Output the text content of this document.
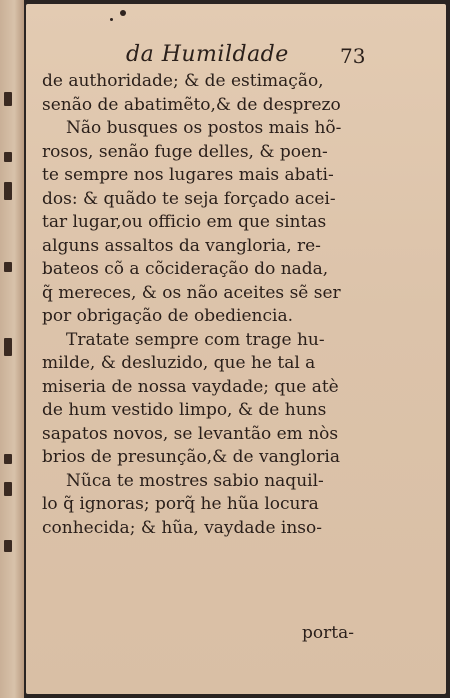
da Humildade	73
de authoridade; & de estimação,
senão de abatimẽto,& de desprezo
Não busques os postos mais hõ-
rosos, senão fuge delles, & poen-
te sempre nos lugares mais abati-
dos: & quãdo te seja forçado acei-
tar lugar,ou officio em que sintas
alguns assaltos da vangloria, re-
bateos cõ a cõcideração do nada,
q̃ mereces, & os não aceites sẽ ser
por obrigação de obediencia.
Tratate sempre com trage hu-
milde, & desluzido, que he tal a
miseria de nossa vaydade; que atè
de hum vestido limpo, & de huns
sapatos novos, se levantão em nòs
brios de presunção,& de vangloria
Nũca te mostres sabio naquil-
lo q̃ ignoras; porq̃ he hũa locura
conhecida; & hũa, vaydade inso-
porta-
